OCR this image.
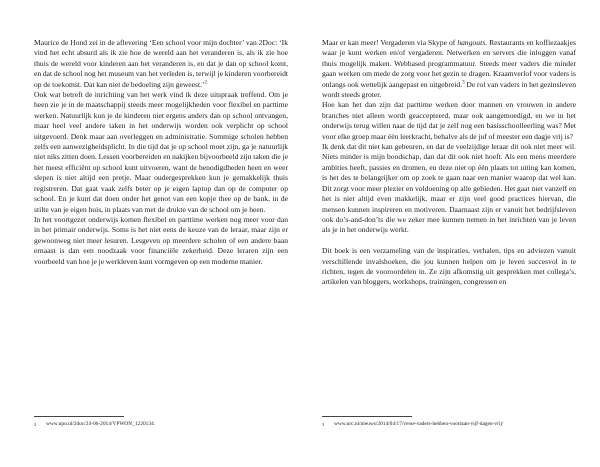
Maurice de Hond zei in de aflevering ‘Een school voor mijn dochter’ van 2Doc: ‘Ik vind het echt absurd als ik zie hoe de wereld aan het veranderen is, als ik zie hoe thuis de wereld voor kinderen aan het veranderen is, en dat je dan op school komt, en dat de school nog het museum van het verleden is, terwijl je kinderen voorbereidt op de toekomst. Dat kan niet de bedoeling zijn geweest.’$^2$

Ook wat betreft de inrichting van het werk vind ik deze uitspraak treffend. Om je heen zie je in de maatschappij steeds meer mogelijkheden voor flexibel en parttime werken. Natuurlijk kun je de kinderen niet ergens anders dan op school ontvangen, maar heel veel andere taken in het onderwijs worden ook verplicht op school uitgevoerd. Denk maar aan overleggen en administratie. Sommige scholen hebben zelfs een aanwezigheidsplicht. In die tijd dat je op school moet zijn, ga je natuurlijk niet niks zitten doen. Lessen voorbereiden en nakijken bijvoorbeeld zijn taken die je het meest efficiënt op school kunt uitvoeren, want de benodigdheden heen en weer slepen is niet altijd een pretje. Maar oudergesprekken kun je gemakkelijk thuis registreren. Dat gaat vaak zelfs beter op je eigen laptop dan op de computer op school. En je kunt dat doen onder het genot van een kopje thee op de bank, in de stilte van je eigen huis, in plaats van met de drukte van de school om je heen.

In het voortgezet onderwijs komen flexibel en parttime werken nog meer voor dan in het primair onderwijs. Soms is het niet eens de keuze van de leraar, maar zijn er gewoonweg niet meer lesuren. Lesgeven op meerdere scholen of een andere baan ernaast is dan een noodzaak voor financiële zekerheid. Deze leraren zijn een voorbeeld van hoe je je werkleven kunt vormgeven op een moderne manier.

2 www.npo.nl/2doc/24-06-2014/VPWON_1220134.

Maar er kan meer! Vergaderen via Skype of hangouts. Restaurants en koffiezaakjes waar je kunt werken en/of vergaderen. Netwerken en servers die inloggen vanaf thuis mogelijk maken. Webbased programmatuur. Steeds meer vaders die minder gaan werken om mede de zorg voor het gezin te dragen. Kraamverlof voor vaders is onlangs ook wettelijk aangepast en uitgebreid.$^3$ De rol van vaders in het gezinsleven wordt steeds groter.

Hoe kan het dan zijn dat parttime werken door mannen en vrouwen in andere branches niet alleen wordt geaccepteerd, maar ook aangemoedigd, en we in het onderwijs terug willen naar de tijd dat je zelf nog een basisschoolleerling was? Met voor elke groep maar één leerkracht, behalve als de juf of meester een dagje vrij is?

Ik denk dat dit niet kan gebeuren, en dat de veelzijdige leraar dit ook niet meer wil. Niets minder is mijn boodschap, dan dat dit ook niet hoeft. Als een mens meerdere ambities heeft, passies en dromen, en deze niet op één plaats tot uiting kan komen, is het des te belangrijker om op zoek te gaan naar een manier waarop dat wel kan. Dit zorgt voor meer plezier en voldoening op alle gebieden. Het gaat niet vanzelf en het is niet altijd even makkelijk, maar er zijn veel good practices hiervan, die mensen kunnen inspireren en motiveren. Daarnaast zijn er vanuit het bedrijfsleven ook do’s-and-don’ts die we zeker mee kunnen nemen in het inrichten van je leven als je in het onderwijs werkt.

Dit boek is een verzameling van de inspiraties, verhalen, tips en adviezen vanuit verschillende invalshoeken, die jou kunnen helpen om je leven succesvol in te richten, tegen de vooroordelen in. Ze zijn afkomstig uit gesprekken met collega’s, artikelen van bloggers, workshops, trainingen, congressen en

3 www.nrc.nl/nieuws/2014/04/17/verse-vaders-hebben-voortaan-vijf-dagen-vrij/
